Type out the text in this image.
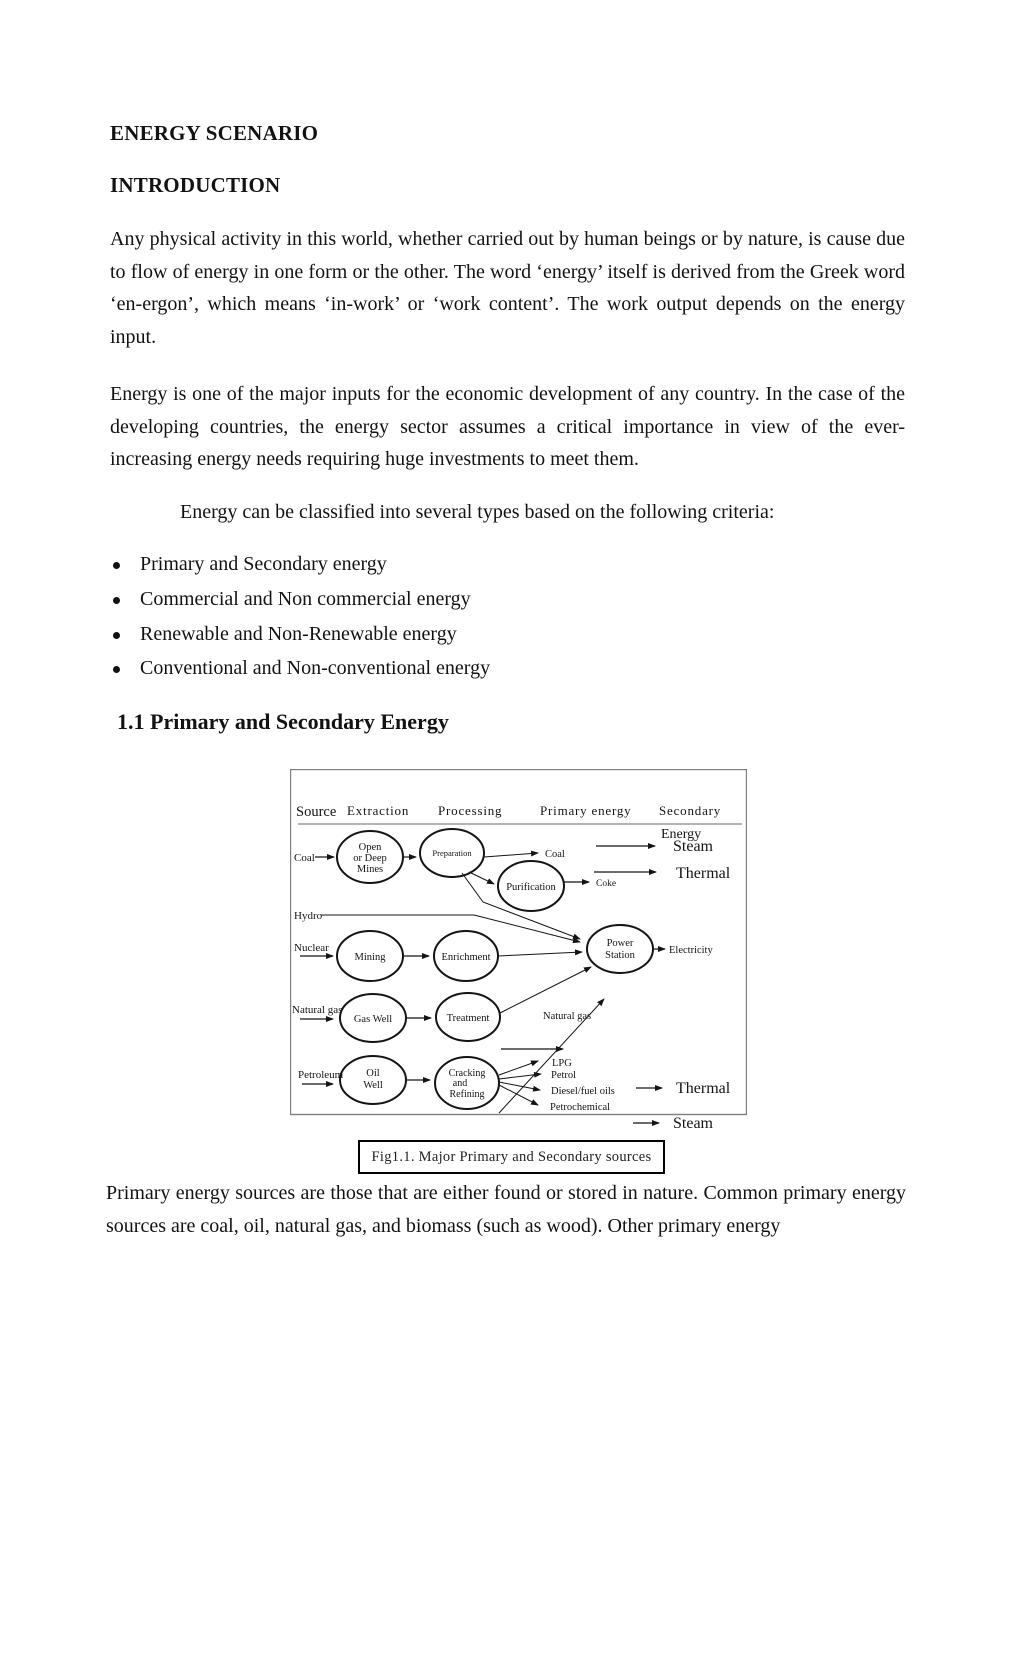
ENERGY SCENARIO
INTRODUCTION
Any physical activity in this world, whether carried out by human beings or by nature, is cause due to flow of energy in one form or the other. The word ‘energy’ itself is derived from the Greek word ‘en-ergon’, which means ‘in-work’ or ‘work content’. The work output depends on the energy input.
Energy is one of the major inputs for the economic development of any country. In the case of the developing countries, the energy sector assumes a critical importance in view of the ever-increasing energy needs requiring huge investments to meet them.
Energy can be classified into several types based on the following criteria:
Primary and Secondary energy
Commercial and Non commercial energy
Renewable and Non-Renewable energy
Conventional and Non-conventional energy
1.1 Primary and Secondary Energy
Source Extraction Processing	Primary energy Secondary
Energy
Steam
Thermal
Coal
Open
or Deep
Mines
Preparation	Coal
Purification	Coke
Hydro
Nuclear
Mining	Enrichment
Power
Station	Electricity
Natural gas
Gas Well	Treatment	Natural gas
Petroleum Oil
Well
Cracking
and
Refining
LPG
Petrol
Diesel/fuel oils
Petrochemical
Thermal
Steam
Fig1.1. Major Primary and Secondary sources
Primary energy sources are those that are either found or stored in nature. Common primary energy sources are coal, oil, natural gas, and biomass (such as wood). Other primary energy
